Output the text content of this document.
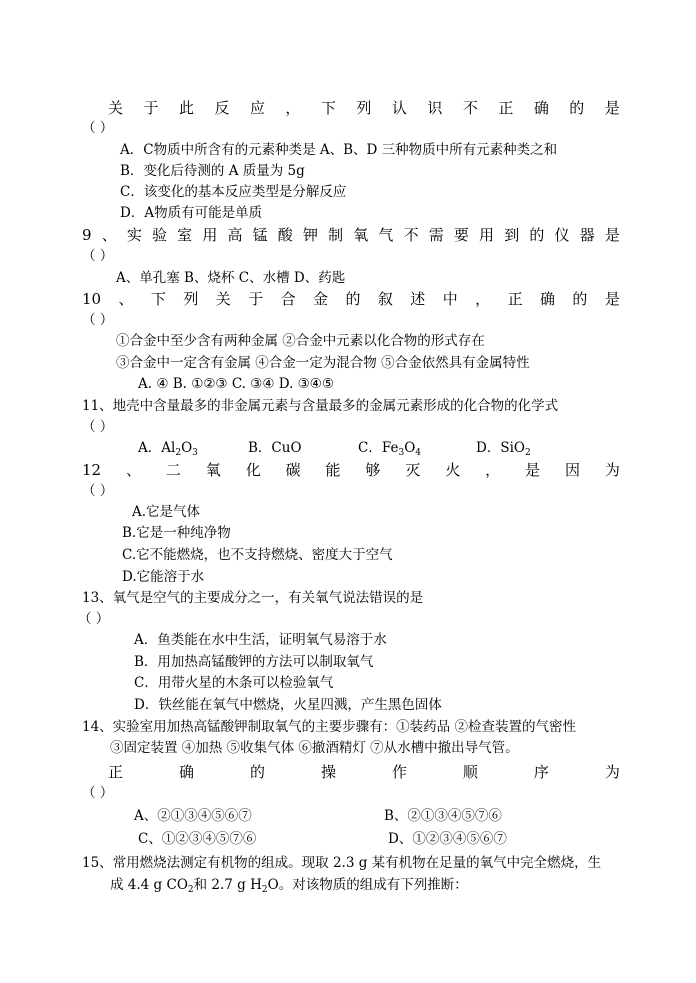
关 于 此 反 应 ， 下 列 认 识 不 正 确 的 是
（ ）
A．C物质中所含有的元素种类是 A、B、D 三种物质中所有元素种类之和
B．变化后待测的 A 质量为 5g
C．该变化的基本反应类型是分解反应
D．A物质有可能是单质
9 、 实 验 室 用 高 锰 酸 钾 制 氧 气 不 需 要 用 到 的 仪 器 是
（ ）
A、单孔塞 B、烧杯 C、水槽 D、药匙
10 、 下 列 关 于 合 金 的 叙 述 中 ， 正 确 的 是
（ ）
①合金中至少含有两种金属 ②合金中元素以化合物的形式存在
③合金中一定含有金属 ④合金一定为混合物 ⑤合金依然具有金属特性
A. ④ B. ①②③ C. ③④ D. ③④⑤
11、地壳中含量最多的非金属元素与含量最多的金属元素形成的化合物的化学式
（ ）
A．$Al_2O_3$	B．CuO	C．$Fe_3O_4$	D．SiO$_2$
12 、 二 氧 化 碳 能 够 灭 火 ， 是 因 为
（ ）
A.它是气体
B.它是一种纯净物
C.它不能燃烧，也不支持燃烧、密度大于空气
D.它能溶于水
13、氧气是空气的主要成分之一，有关氧气说法错误的是
（ ）
A．鱼类能在水中生活，证明氧气易溶于水
B．用加热高锰酸钾的方法可以制取氧气
C．用带火星的木条可以检验氧气
D．铁丝能在氧气中燃烧，火星四溅，产生黑色固体
14、实验室用加热高锰酸钾制取氧气的主要步骤有：①装药品 ②检查装置的气密性
③固定装置 ④加热 ⑤收集气体 ⑥撤酒精灯 ⑦从水槽中撤出导气管。
正	确	的	操	作	顺	序	为
（ ）
A、②①③④⑤⑥⑦	B、②①③④⑤⑦⑥
C、①②③④⑤⑦⑥	D、①②③④⑤⑥⑦
15、常用燃烧法测定有机物的组成。现取 2.3 g 某有机物在足量的氧气中完全燃烧，生
成 4.4 g $CO_2$和 2.7 g $H_2O$。对该物质的组成有下列推断：
